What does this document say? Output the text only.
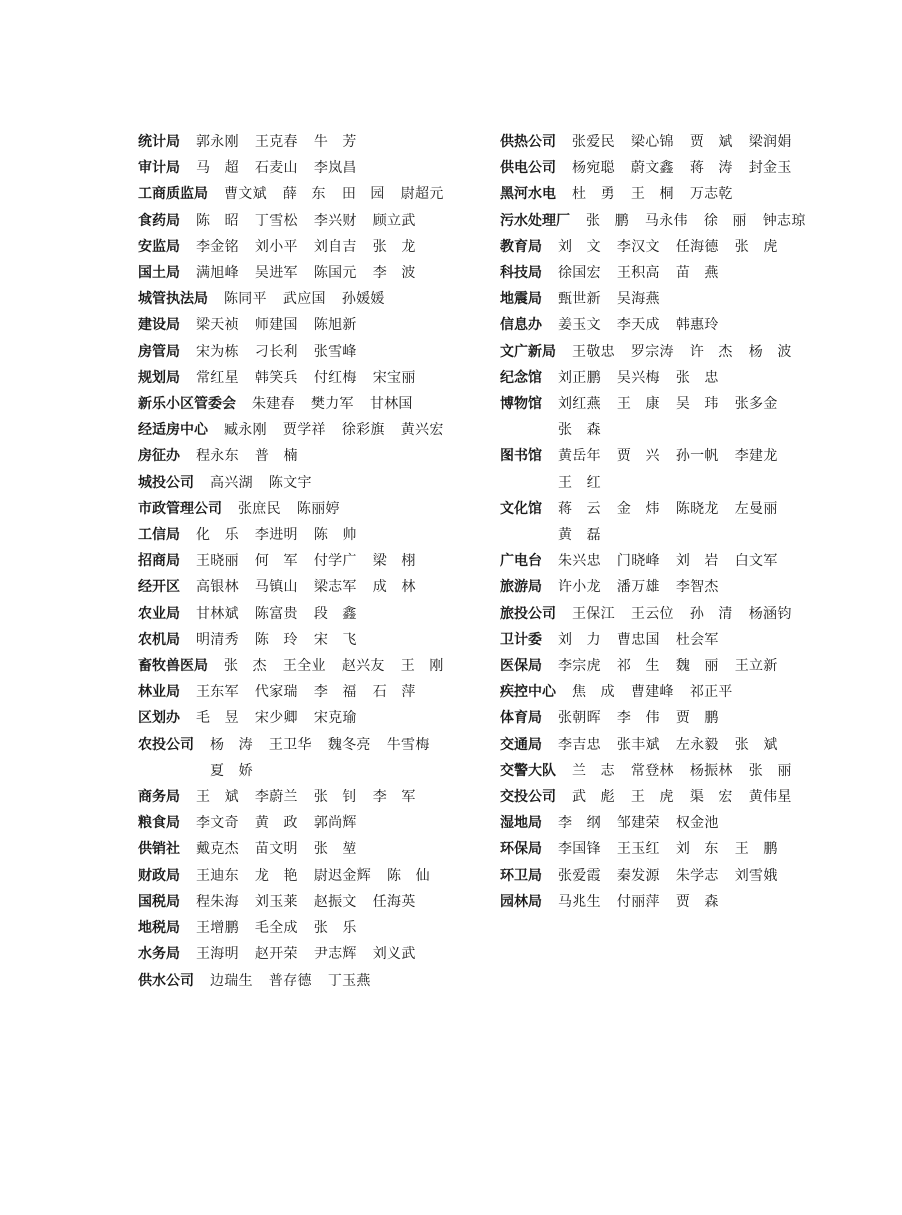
统计局 郭永刚 王克春 牛　芳
审计局 马　超 石麦山 李岚昌
工商质监局 曹文斌 薛　东 田　园 尉超元
食药局 陈　昭 丁雪松 李兴财 顾立武
安监局 李金铭 刘小平 刘自吉 张　龙
国土局 满旭峰 吴进军 陈国元 李　波
城管执法局 陈同平 武应国 孙媛媛
建设局 梁天祯 师建国 陈旭新
房管局 宋为栋 刁长利 张雪峰
规划局 常红星 韩笑兵 付红梅 宋宝丽
新乐小区管委会 朱建春 樊力军 甘林国
经适房中心 臧永刚 贾学祥 徐彩旗 黄兴宏
房征办 程永东 普　楠
城投公司 高兴湖 陈文宇
市政管理公司 张庶民 陈丽婷
工信局 化　乐 李进明 陈　帅
招商局 王晓丽 何　军 付学广 梁　栩
经开区 高银林 马镇山 梁志军 成　林
农业局 甘林斌 陈富贵 段　鑫
农机局 明清秀 陈　玲 宋　飞
畜牧兽医局 张　杰 王全业 赵兴友 王　刚
林业局 王东军 代家瑞 李　福 石　萍
区划办 毛　昱 宋少卿 宋克瑜
农投公司 杨　涛 王卫华 魏冬亮 牛雪梅
夏　娇
商务局 王　斌 李蔚兰 张　钊 李　军
粮食局 李文奇 黄　政 郭尚辉
供销社 戴克杰 苗文明 张　堃
财政局 王迪东 龙　艳 尉迟金辉 陈　仙
国税局 程朱海 刘玉莱 赵振文 任海英
地税局 王增鹏 毛全成 张　乐
水务局 王海明 赵开荣 尹志辉 刘义武
供水公司 边瑞生 普存德 丁玉燕
供热公司 张爱民 梁心锦 贾　斌 梁润娟
供电公司 杨宛聪 蔚文鑫 蒋　涛 封金玉
黑河水电 杜　勇 王　桐 万志乾
污水处理厂 张　鹏 马永伟 徐　丽 钟志琼
教育局 刘　文 李汉文 任海德 张　虎
科技局 徐国宏 王积高 苗　燕
地震局 甄世新 吴海燕
信息办 姜玉文 李天成 韩惠玲
文广新局 王敬忠 罗宗涛 许　杰 杨　波
纪念馆 刘正鹏 吴兴梅 张　忠
博物馆 刘红燕 王　康 吴　玮 张多金
张　森
图书馆 黄岳年 贾　兴 孙一帆 李建龙
王　红
文化馆 蒋　云 金　炜 陈晓龙 左曼丽
黄　磊
广电台 朱兴忠 门晓峰 刘　岩 白文军
旅游局 许小龙 潘万雄 李智杰
旅投公司 王保江 王云位 孙　清 杨涵钧
卫计委 刘　力 曹忠国 杜会军
医保局 李宗虎 祁　生 魏　丽 王立新
疾控中心 焦　成 曹建峰 祁正平
体育局 张朝晖 李　伟 贾　鹏
交通局 李吉忠 张丰斌 左永毅 张　斌
交警大队 兰　志 常登林 杨振林 张　丽
交投公司 武　彪 王　虎 渠　宏 黄伟星
湿地局 李　纲 邹建荣 权金池
环保局 李国锋 王玉红 刘　东 王　鹏
环卫局 张爱霞 秦发源 朱学志 刘雪娥
园林局 马兆生 付丽萍 贾　森
